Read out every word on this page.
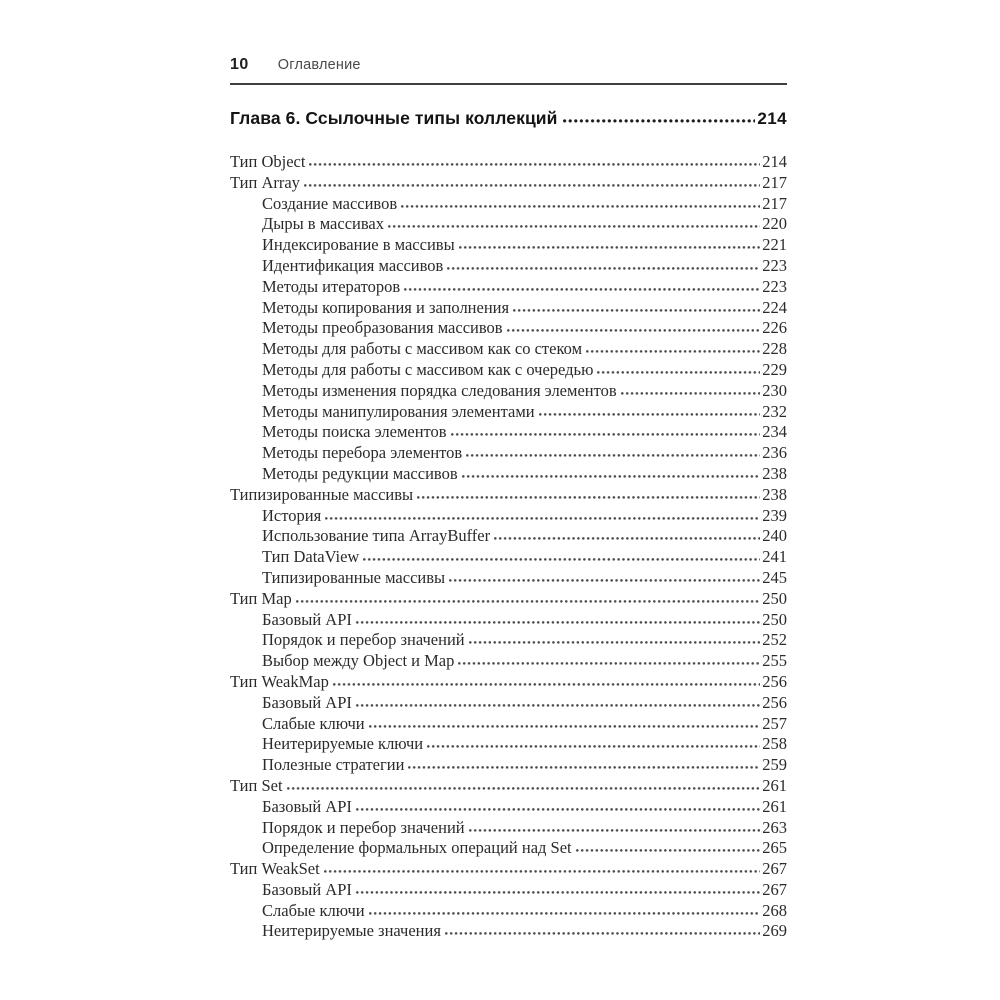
10 Оглавление
Глава 6. Ссылочные типы коллекций	214
Тип Object	214
Тип Array	217
Создание массивов	217
Дыры в массивах	220
Индексирование в массивы	221
Идентификация массивов	223
Методы итераторов	223
Методы копирования и заполнения	224
Методы преобразования массивов	226
Методы для работы с массивом как со стеком	228
Методы для работы с массивом как с очередью	229
Методы изменения порядка следования элементов	230
Методы манипулирования элементами	232
Методы поиска элементов	234
Методы перебора элементов	236
Методы редукции массивов	238
Типизированные массивы	238
История	239
Использование типа ArrayBuffer	240
Тип DataView	241
Типизированные массивы	245
Тип Map	250
Базовый API	250
Порядок и перебор значений	252
Выбор между Object и Map	255
Тип WeakMap	256
Базовый API	256
Слабые ключи	257
Неитерируемые ключи	258
Полезные стратегии	259
Тип Set	261
Базовый API	261
Порядок и перебор значений	263
Определение формальных операций над Set	265
Тип WeakSet	267
Базовый API	267
Слабые ключи	268
Неитерируемые значения	269
